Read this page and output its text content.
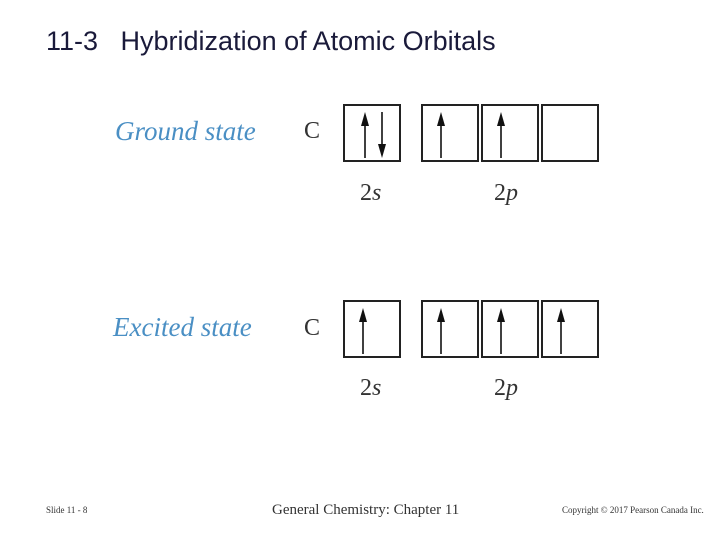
11-3   Hybridization of Atomic Orbitals
Ground state C
2s	2p
Excited state C
2s	2p
Slide 11 - 8	General Chemistry: Chapter 11	Copyright © 2017 Pearson Canada Inc.
